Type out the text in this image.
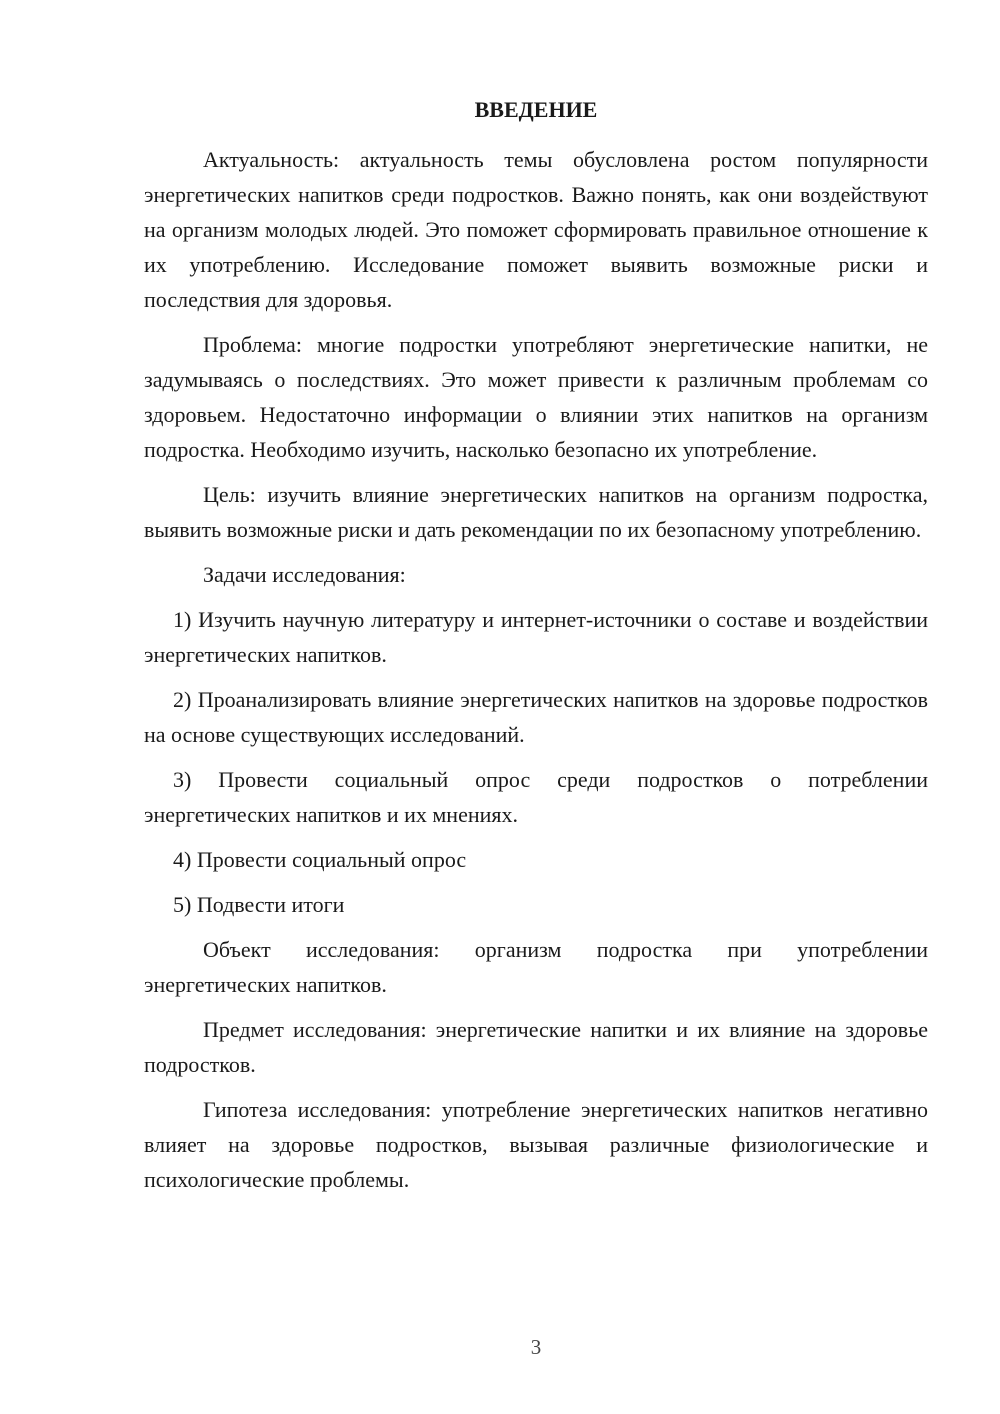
ВВЕДЕНИЕ

Актуальность: актуальность темы обусловлена ростом популярности энергетических напитков среди подростков. Важно понять, как они воздействуют на организм молодых людей. Это поможет сформировать правильное отношение к их употреблению. Исследование поможет выявить возможные риски и последствия для здоровья.

Проблема: многие подростки употребляют энергетические напитки, не задумываясь о последствиях. Это может привести к различным проблемам со здоровьем. Недостаточно информации о влиянии этих напитков на организм подростка. Необходимо изучить, насколько безопасно их употребление.

Цель: изучить влияние энергетических напитков на организм подростка, выявить возможные риски и дать рекомендации по их безопасному употреблению.

Задачи исследования:

1) Изучить научную литературу и интернет-источники о составе и воздействии энергетических напитков.

2) Проанализировать влияние энергетических напитков на здоровье подростков на основе существующих исследований.

3) Провести социальный опрос среди подростков о потреблении энергетических напитков и их мнениях.

4) Провести социальный опрос

5) Подвести итоги

Объект исследования: организм подростка при употреблении энергетических напитков.

Предмет исследования: энергетические напитки и их влияние на здоровье подростков.

Гипотеза исследования: употребление энергетических напитков негативно влияет на здоровье подростков, вызывая различные физиологические и психологические проблемы.

3
